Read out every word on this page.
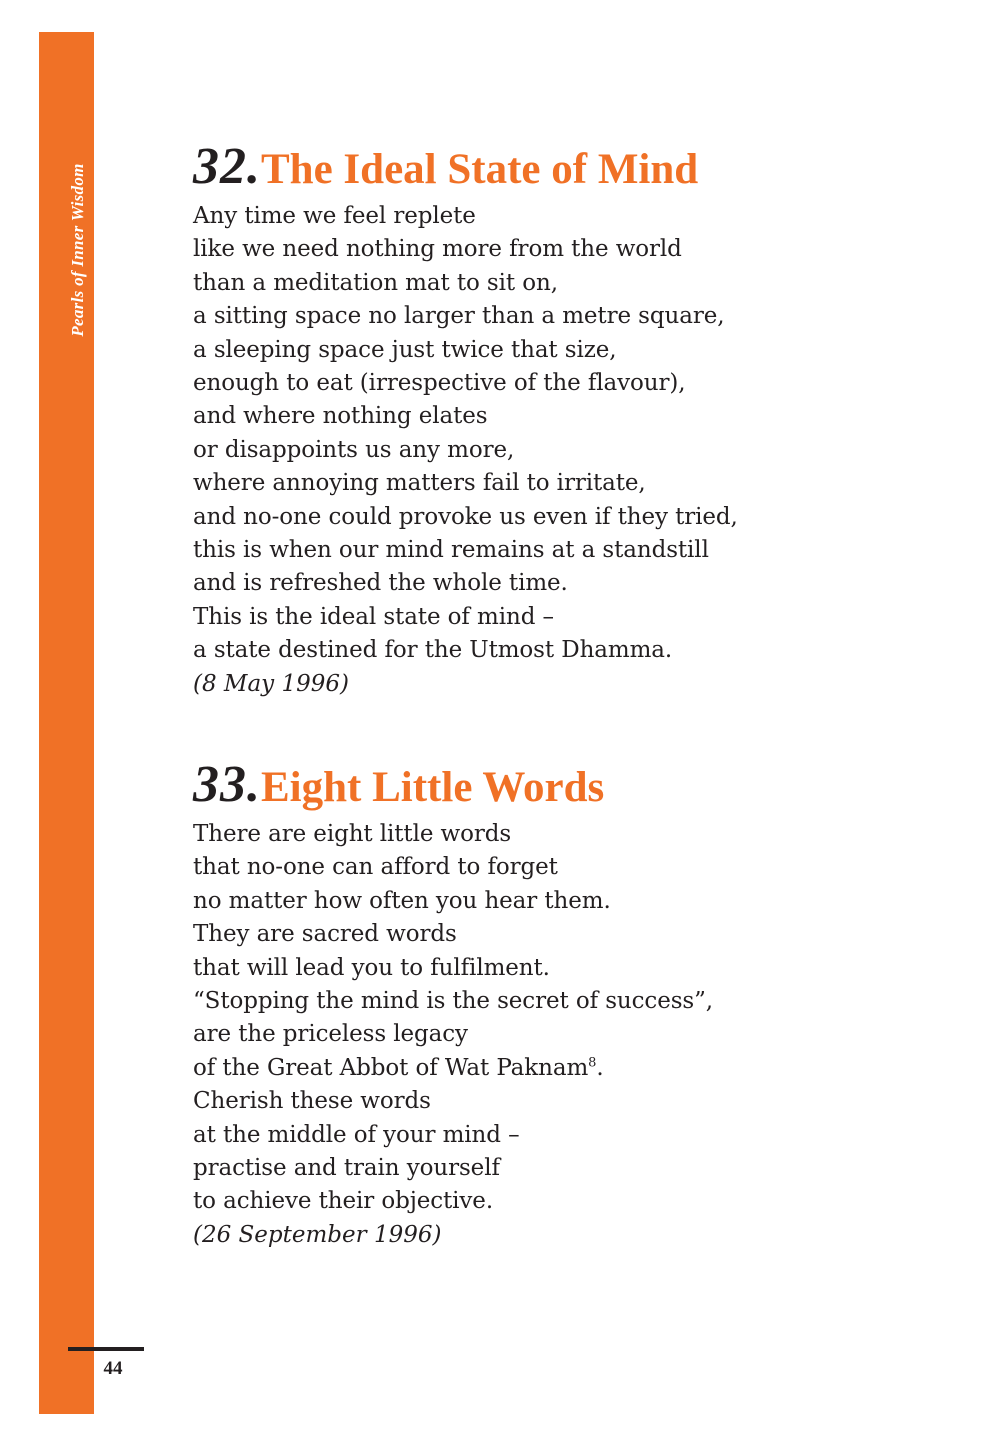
Pearls of Inner Wisdom
44
32.The Ideal State of Mind
Any time we feel replete
like we need nothing more from the world
than a meditation mat to sit on,
a sitting space no larger than a metre square,
a sleeping space just twice that size,
enough to eat (irrespective of the flavour),
and where nothing elates
or disappoints us any more,
where annoying matters fail to irritate,
and no-one could provoke us even if they tried,
this is when our mind remains at a standstill
and is refreshed the whole time.
This is the ideal state of mind –
a state destined for the Utmost Dhamma.
(8 May 1996)
33.Eight Little Words
There are eight little words
that no-one can afford to forget
no matter how often you hear them.
They are sacred words
that will lead you to fulfilment.
“Stopping the mind is the secret of success”,
are the priceless legacy
of the Great Abbot of Wat Paknam$^8$.
Cherish these words
at the middle of your mind –
practise and train yourself
to achieve their objective.
(26 September 1996)
